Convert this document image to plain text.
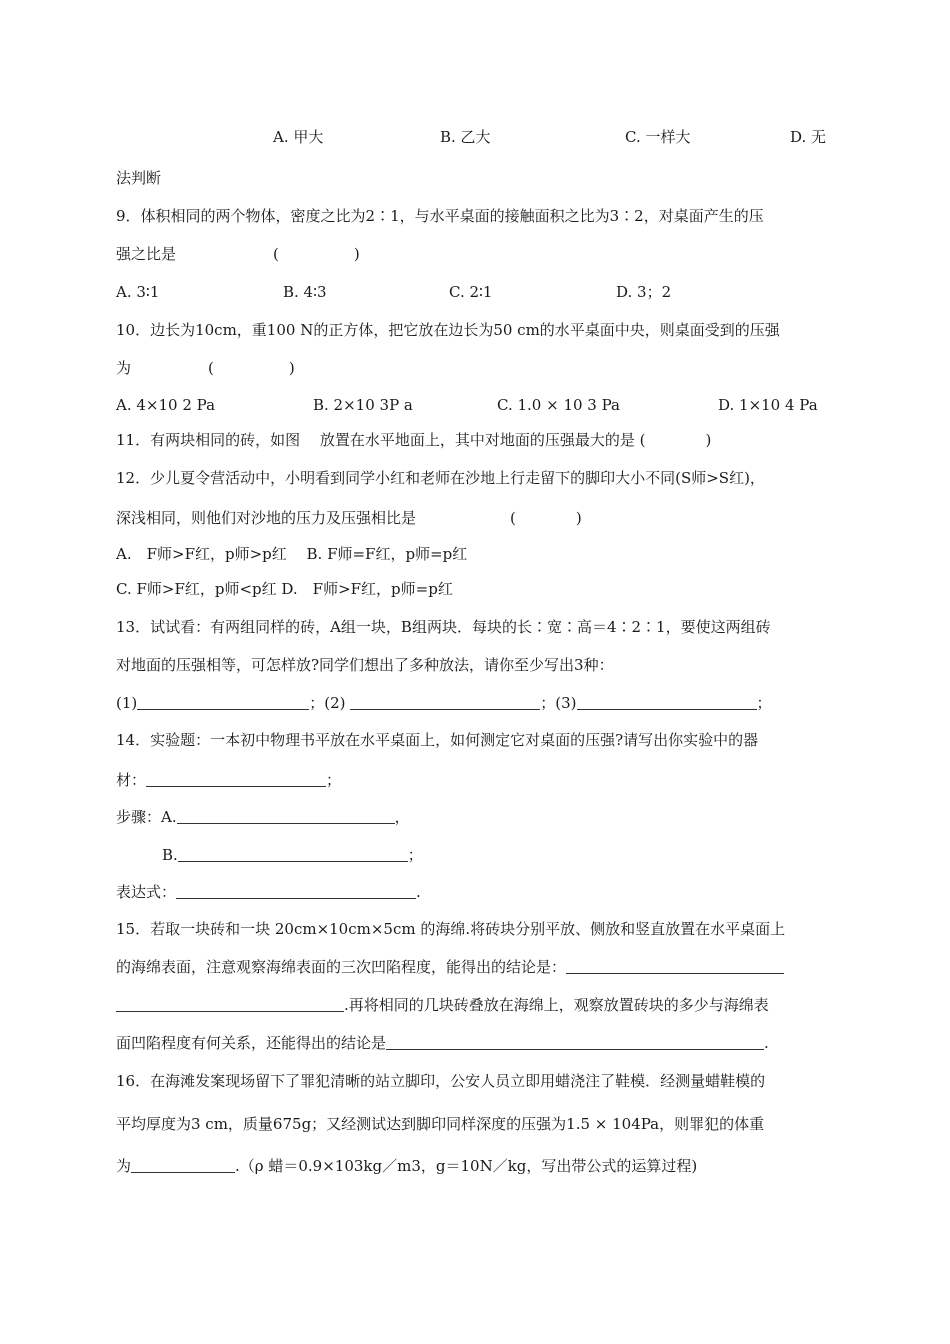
A. 甲大	B. 乙大	C. 一样大	D. 无
法判断
9．体积相同的两个物体，密度之比为2∶1，与水平桌面的接触面积之比为3∶2，对桌面产生的压
强之比是	(　　　　　)
A. 3∶1	B. 4∶3	C. 2∶1	D. 3；2
10．边长为10cm，重100 N的正方体，把它放在边长为50 cm的水平桌面中央，则桌面受到的压强
为	(　　　　　)
A. 4×10 2 Pa	B. 2×10 3P a	C. 1.0 × 10 3 Pa	D. 1×10 4 Pa
11．有两块相同的砖，如图　 放置在水平地面上，其中对地面的压强最大的是 (　　　　)
12．少儿夏令营活动中，小明看到同学小红和老师在沙地上行走留下的脚印大小不同(S师>S红)，
深浅相同，则他们对沙地的压力及压强相比是	(　　　　)
A.　F师>F红，p师>p红　 B. F师=F红，p师=p红
C. F师>F红，p师<p红 D.　F师>F红，p师=p红
13．试试看：有两组同样的砖，A组一块，B组两块．每块的长∶宽∶高＝4∶2∶1，要使这两组砖
对地面的压强相等，可怎样放?同学们想出了多种放法，请你至少写出3种：
(1)	；(2)	；(3)	；
14．实验题：一本初中物理书平放在水平桌面上，如何测定它对桌面的压强?请写出你实验中的器
材：	；
步骤：A.	，
B.	；
表达式：	.
15．若取一块砖和一块 20cm×10cm×5cm 的海绵.将砖块分别平放、侧放和竖直放置在水平桌面上
的海绵表面，注意观察海绵表面的三次凹陷程度，能得出的结论是：
.再将相同的几块砖叠放在海绵上，观察放置砖块的多少与海绵表
面凹陷程度有何关系，还能得出的结论是	.
16．在海滩发案现场留下了罪犯清晰的站立脚印，公安人员立即用蜡浇注了鞋模．经测量蜡鞋模的
平均厚度为3 cm，质量675g；又经测试达到脚印同样深度的压强为1.5 × 104Pa，则罪犯的体重
为	.（ρ 蜡＝0.9×103kg／m3，g＝10N／kg，写出带公式的运算过程)
